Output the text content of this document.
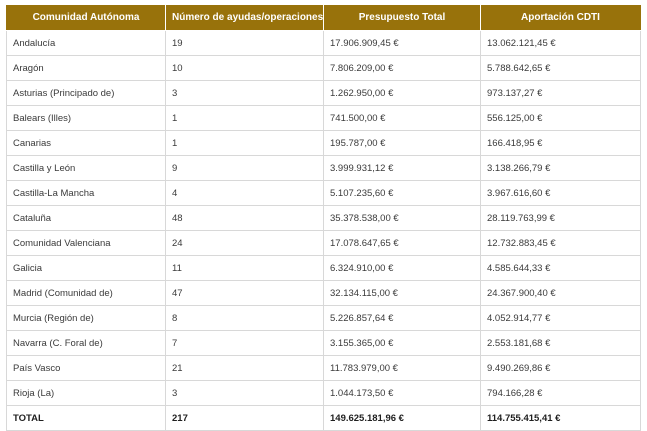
Comunidad Autónoma	Número de ayudas/operaciones	Presupuesto Total	Aportación CDTI
Andalucía	19	17.906.909,45 €	13.062.121,45 €
Aragón	10	7.806.209,00 €	5.788.642,65 €
Asturias (Principado de)	3	1.262.950,00 €	973.137,27 €
Balears (Illes)	1	741.500,00 €	556.125,00 €
Canarias	1	195.787,00 €	166.418,95 €
Castilla y León	9	3.999.931,12 €	3.138.266,79 €
Castilla-La Mancha	4	5.107.235,60 €	3.967.616,60 €
Cataluña	48	35.378.538,00 €	28.119.763,99 €
Comunidad Valenciana	24	17.078.647,65 €	12.732.883,45 €
Galicia	11	6.324.910,00 €	4.585.644,33 €
Madrid (Comunidad de)	47	32.134.115,00 €	24.367.900,40 €
Murcia (Región de)	8	5.226.857,64 €	4.052.914,77 €
Navarra (C. Foral de)	7	3.155.365,00 €	2.553.181,68 €
País Vasco	21	11.783.979,00 €	9.490.269,86 €
Rioja (La)	3	1.044.173,50 €	794.166,28 €
TOTAL	217	149.625.181,96 €	114.755.415,41 €
